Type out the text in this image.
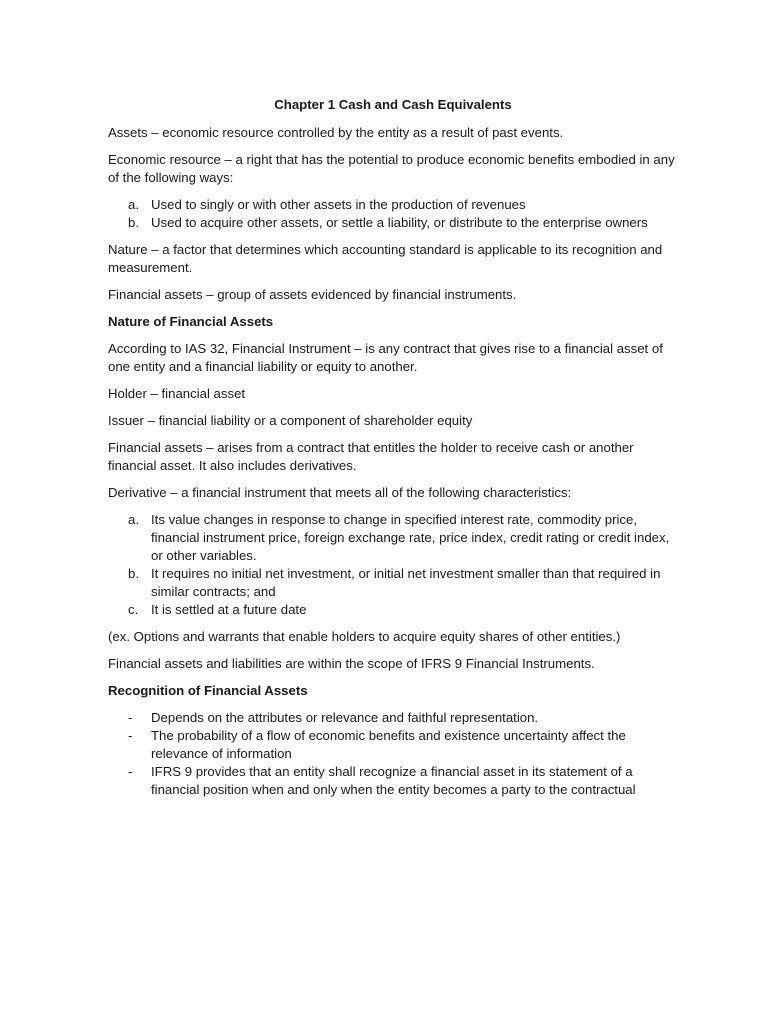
Chapter 1 Cash and Cash Equivalents

Assets – economic resource controlled by the entity as a result of past events.

Economic resource – a right that has the potential to produce economic benefits embodied in any of the following ways:

a. Used to singly or with other assets in the production of revenues
b. Used to acquire other assets, or settle a liability, or distribute to the enterprise owners

Nature – a factor that determines which accounting standard is applicable to its recognition and measurement.

Financial assets – group of assets evidenced by financial instruments.

Nature of Financial Assets

According to IAS 32, Financial Instrument – is any contract that gives rise to a financial asset of one entity and a financial liability or equity to another.

Holder – financial asset

Issuer – financial liability or a component of shareholder equity

Financial assets – arises from a contract that entitles the holder to receive cash or another financial asset. It also includes derivatives.

Derivative – a financial instrument that meets all of the following characteristics:

a. Its value changes in response to change in specified interest rate, commodity price, financial instrument price, foreign exchange rate, price index, credit rating or credit index, or other variables.
b. It requires no initial net investment, or initial net investment smaller than that required in similar contracts; and
c. It is settled at a future date

(ex. Options and warrants that enable holders to acquire equity shares of other entities.)

Financial assets and liabilities are within the scope of IFRS 9 Financial Instruments.

Recognition of Financial Assets
- Depends on the attributes or relevance and faithful representation.
- The probability of a flow of economic benefits and existence uncertainty affect the relevance of information
- IFRS 9 provides that an entity shall recognize a financial asset in its statement of a financial position when and only when the entity becomes a party to the contractual
